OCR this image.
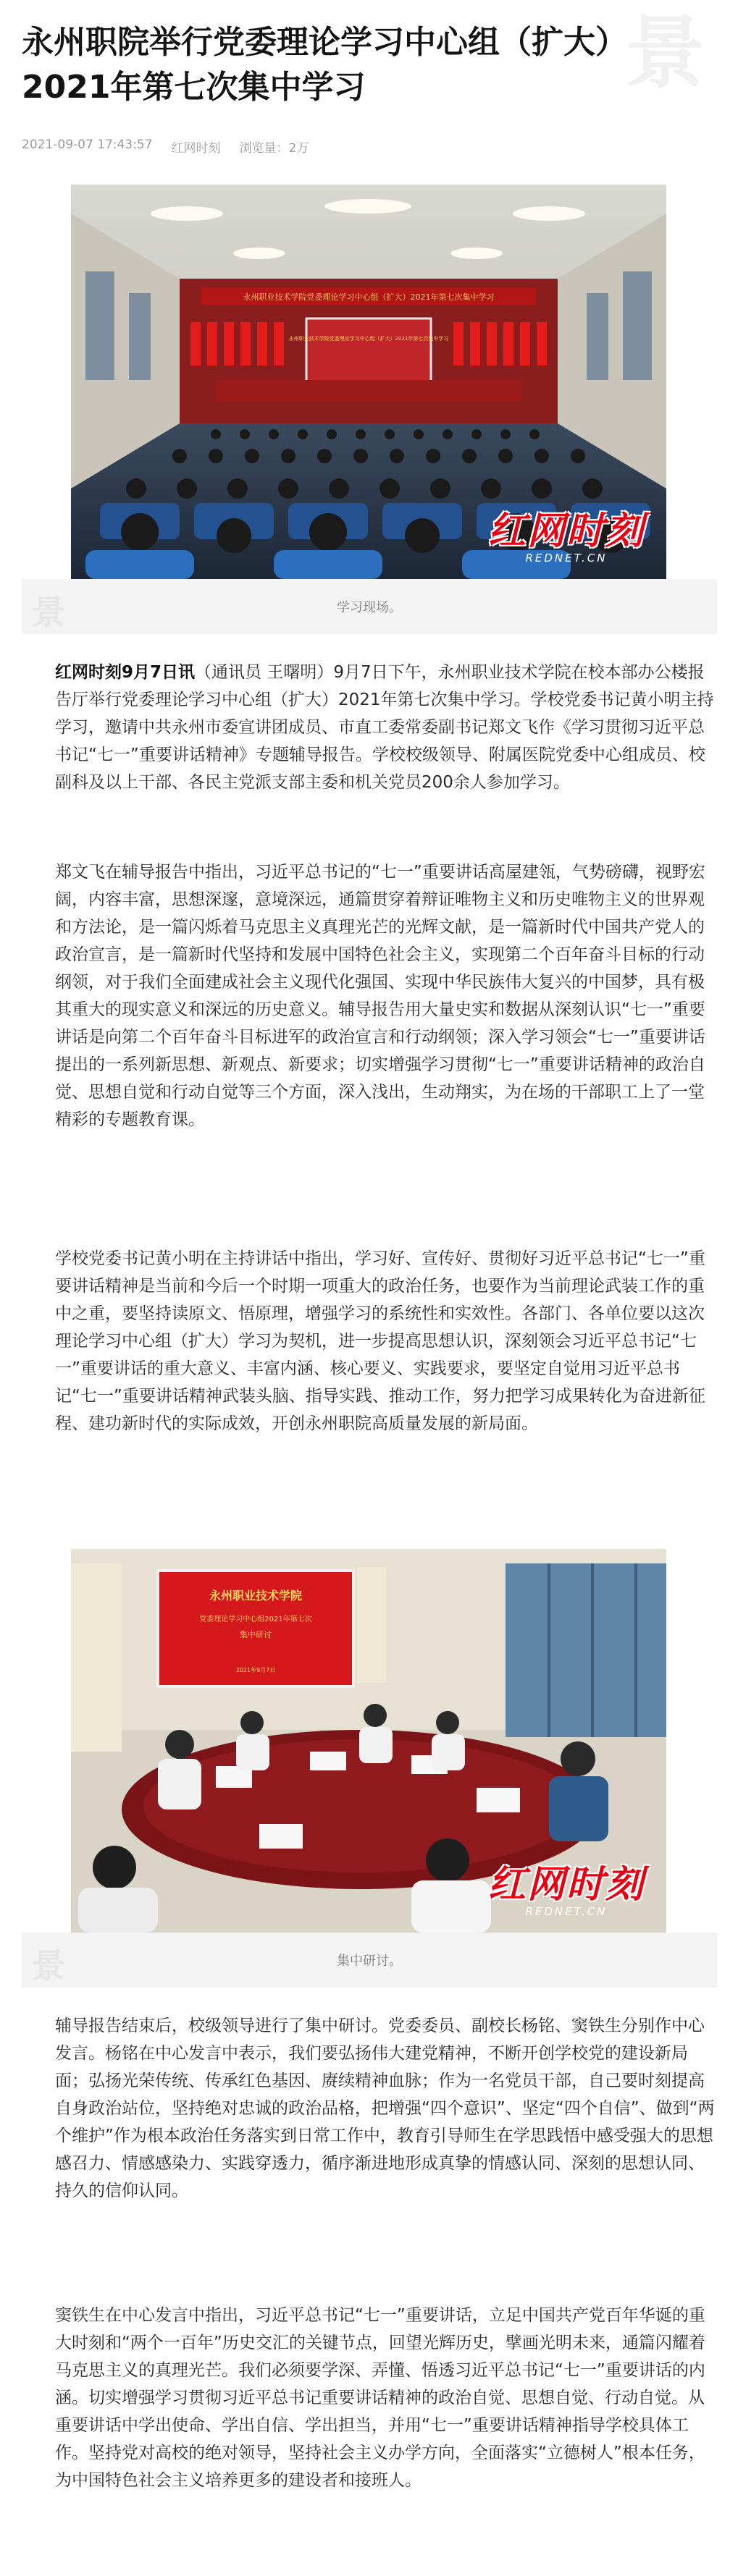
景
永州职院举行党委理论学习中心组（扩大）2021年第七次集中学习
2021-09-07 17:43:57 红网时刻 浏览量：2万
永州职业技术学院党委理论学习中心组（扩大）2021年第七次集中学习
永州职业技术学院党委理论学习中心组（扩大）2021年第七次集中学习
红网时刻
REDNET.CN
景	学习现场。

红网时刻9月7日讯（通讯员 王曙明）9月7日下午，永州职业技术学院在校本部办公楼报告厅举行党委理论学习中心组（扩大）2021年第七次集中学习。学校党委书记黄小明主持学习，邀请中共永州市委宣讲团成员、市直工委常委副书记郑文飞作《学习贯彻习近平总书记“七一”重要讲话精神》专题辅导报告。学校校级领导、附属医院党委中心组成员、校副科及以上干部、各民主党派支部主委和机关党员200余人参加学习。

郑文飞在辅导报告中指出，习近平总书记的“七一”重要讲话高屋建瓴，气势磅礴，视野宏阔，内容丰富，思想深邃，意境深远，通篇贯穿着辩证唯物主义和历史唯物主义的世界观和方法论，是一篇闪烁着马克思主义真理光芒的光辉文献，是一篇新时代中国共产党人的政治宣言，是一篇新时代坚持和发展中国特色社会主义，实现第二个百年奋斗目标的行动纲领，对于我们全面建成社会主义现代化强国、实现中华民族伟大复兴的中国梦，具有极其重大的现实意义和深远的历史意义。辅导报告用大量史实和数据从深刻认识“七一”重要讲话是向第二个百年奋斗目标进军的政治宣言和行动纲领；深入学习领会“七一”重要讲话提出的一系列新思想、新观点、新要求；切实增强学习贯彻“七一”重要讲话精神的政治自觉、思想自觉和行动自觉等三个方面，深入浅出，生动翔实，为在场的干部职工上了一堂精彩的专题教育课。

学校党委书记黄小明在主持讲话中指出，学习好、宣传好、贯彻好习近平总书记“七一”重要讲话精神是当前和今后一个时期一项重大的政治任务，也要作为当前理论武装工作的重中之重，要坚持读原文、悟原理，增强学习的系统性和实效性。各部门、各单位要以这次理论学习中心组（扩大）学习为契机，进一步提高思想认识，深刻领会习近平总书记“七一”重要讲话的重大意义、丰富内涵、核心要义、实践要求，要坚定自觉用习近平总书记“七一”重要讲话精神武装头脑、指导实践、推动工作，努力把学习成果转化为奋进新征程、建功新时代的实际成效，开创永州职院高质量发展的新局面。

永州职业技术学院
党委理论学习中心组2021年第七次
集中研讨
2021年9月7日
红网时刻
REDNET.CN
景	集中研讨。

辅导报告结束后，校级领导进行了集中研讨。党委委员、副校长杨铭、窦铁生分别作中心发言。杨铭在中心发言中表示，我们要弘扬伟大建党精神，不断开创学校党的建设新局面；弘扬光荣传统、传承红色基因、赓续精神血脉；作为一名党员干部，自己要时刻提高自身政治站位，坚持绝对忠诚的政治品格，把增强“四个意识”、坚定“四个自信”、做到“两个维护”作为根本政治任务落实到日常工作中，教育引导师生在学思践悟中感受强大的思想感召力、情感感染力、实践穿透力，循序渐进地形成真挚的情感认同、深刻的思想认同、持久的信仰认同。

窦铁生在中心发言中指出，习近平总书记“七一”重要讲话，立足中国共产党百年华诞的重大时刻和“两个一百年”历史交汇的关键节点，回望光辉历史，擘画光明未来，通篇闪耀着马克思主义的真理光芒。我们必须要学深、弄懂、悟透习近平总书记“七一”重要讲话的内涵。切实增强学习贯彻习近平总书记重要讲话精神的政治自觉、思想自觉、行动自觉。从重要讲话中学出使命、学出自信、学出担当，并用“七一”重要讲话精神指导学校具体工作。坚持党对高校的绝对领导，坚持社会主义办学方向，全面落实“立德树人”根本任务，为中国特色社会主义培养更多的建设者和接班人。
